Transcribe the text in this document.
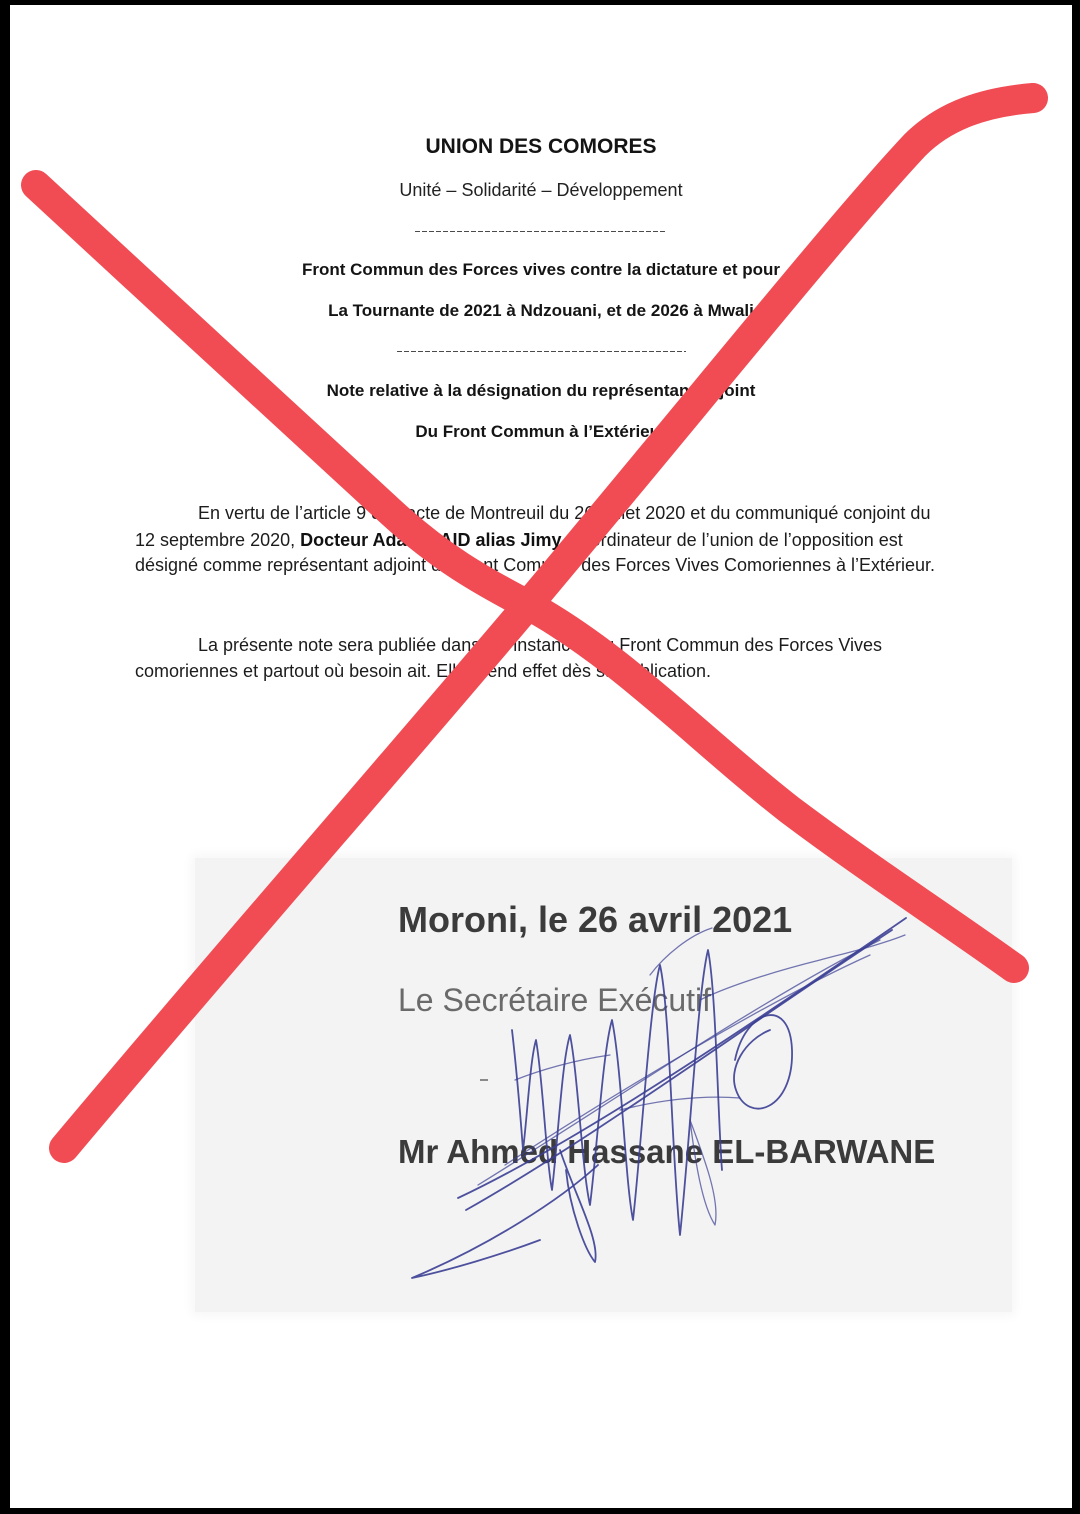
UNION DES COMORES
Unité – Solidarité – Développement
Front Commun des Forces vives contre la dictature et pour
La Tournante de 2021 à Ndzouani, et de 2026 à Mwali
Note relative à la désignation du représentant adjoint
Du Front Commun à l’Extérieur
En vertu de l’article 9 du pacte de Montreuil du 26 juillet 2020 et du communiqué conjoint du
12 septembre 2020, Docteur Adam SAID alias Jimy, coordinateur de l’union de l’opposition est
désigné comme représentant adjoint du Front Commun des Forces Vives Comoriennes à l’Extérieur.
La présente note sera publiée dans les instances du Front Commun des Forces Vives
comoriennes et partout où besoin ait. Elle prend effet dès sa publication.
Moroni, le 26 avril 2021
Le Secrétaire Exécutif
Mr Ahmed Hassane EL-BARWANE
